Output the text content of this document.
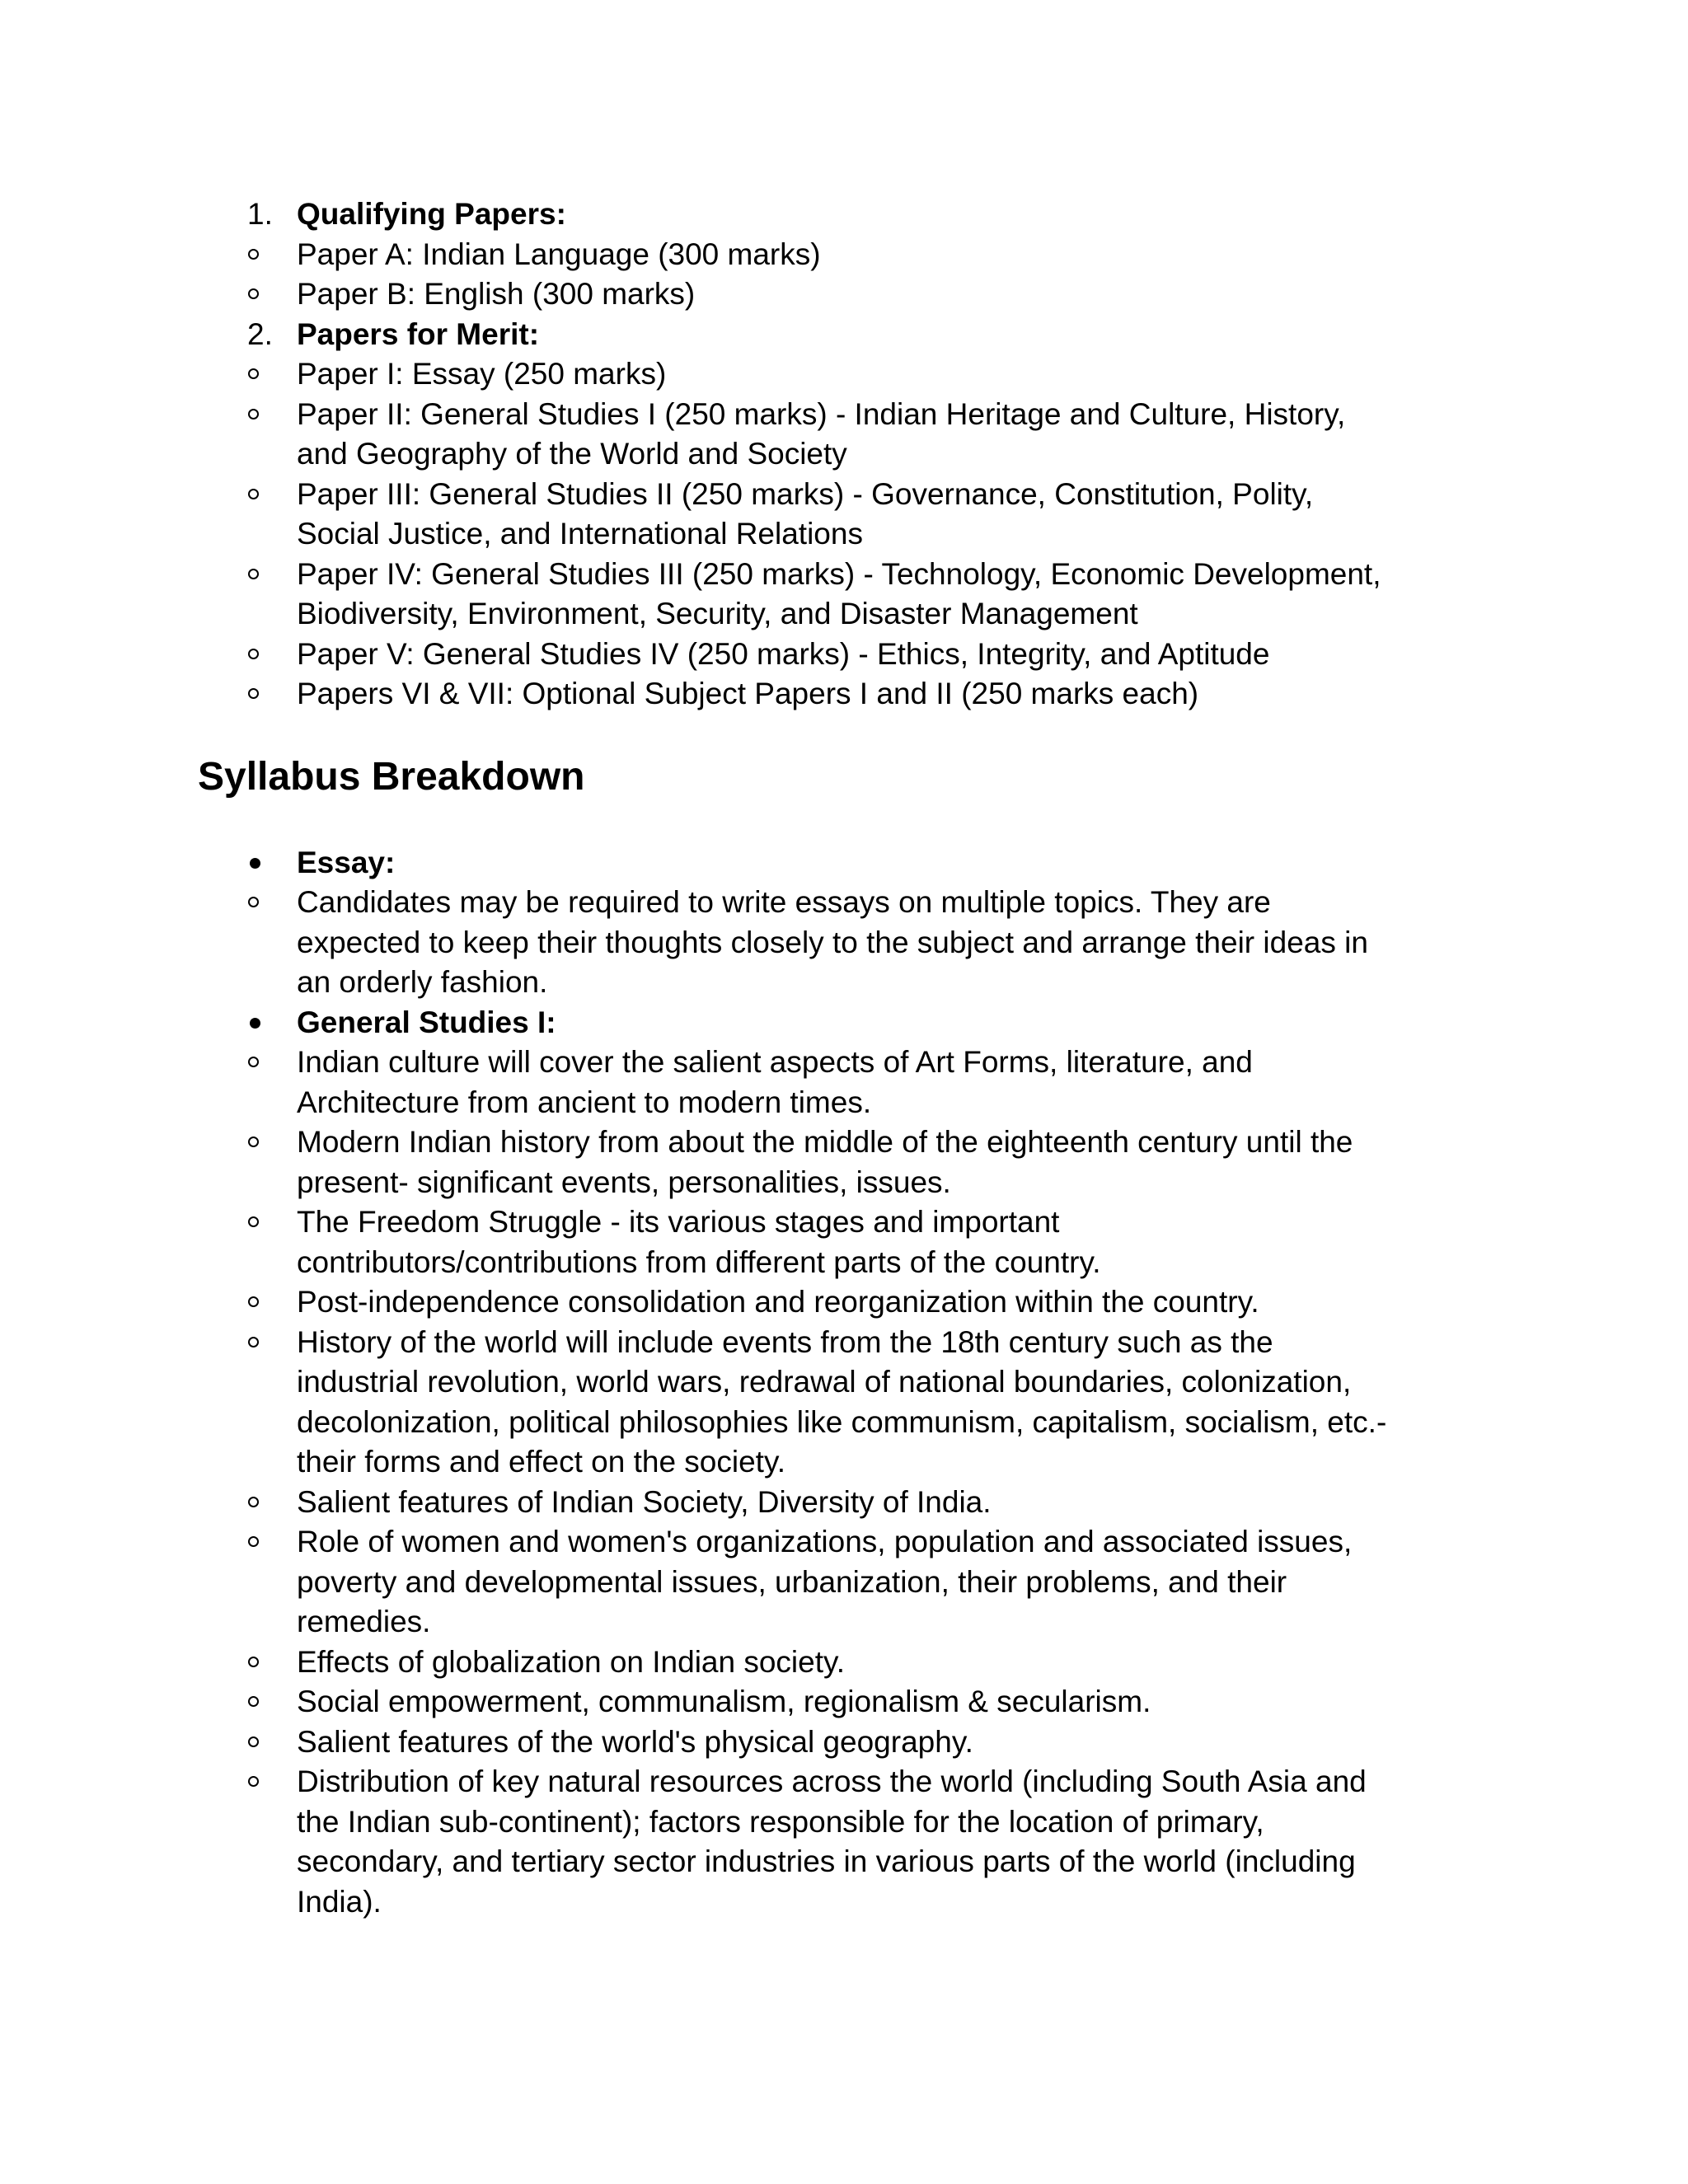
1. Qualifying Papers:
Paper A: Indian Language (300 marks)
Paper B: English (300 marks)
2. Papers for Merit:
Paper I: Essay (250 marks)
Paper II: General Studies I (250 marks) - Indian Heritage and Culture, History, and Geography of the World and Society
Paper III: General Studies II (250 marks) - Governance, Constitution, Polity, Social Justice, and International Relations
Paper IV: General Studies III (250 marks) - Technology, Economic Development, Biodiversity, Environment, Security, and Disaster Management
Paper V: General Studies IV (250 marks) - Ethics, Integrity, and Aptitude
Papers VI & VII: Optional Subject Papers I and II (250 marks each)
Syllabus Breakdown
Essay:
Candidates may be required to write essays on multiple topics. They are expected to keep their thoughts closely to the subject and arrange their ideas in an orderly fashion.
General Studies I:
Indian culture will cover the salient aspects of Art Forms, literature, and Architecture from ancient to modern times.
Modern Indian history from about the middle of the eighteenth century until the present- significant events, personalities, issues.
The Freedom Struggle - its various stages and important contributors/contributions from different parts of the country.
Post-independence consolidation and reorganization within the country.
History of the world will include events from the 18th century such as the industrial revolution, world wars, redrawal of national boundaries, colonization, decolonization, political philosophies like communism, capitalism, socialism, etc.- their forms and effect on the society.
Salient features of Indian Society, Diversity of India.
Role of women and women's organizations, population and associated issues, poverty and developmental issues, urbanization, their problems, and their remedies.
Effects of globalization on Indian society.
Social empowerment, communalism, regionalism & secularism.
Salient features of the world's physical geography.
Distribution of key natural resources across the world (including South Asia and the Indian sub-continent); factors responsible for the location of primary, secondary, and tertiary sector industries in various parts of the world (including India).
